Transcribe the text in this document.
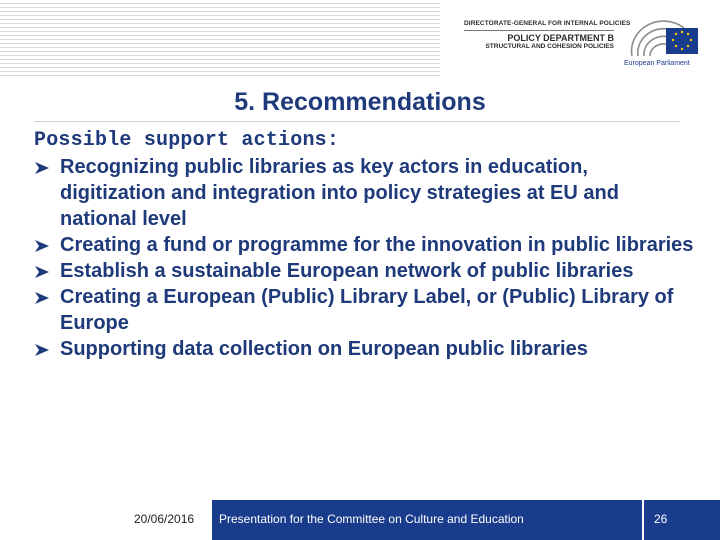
DIRECTORATE-GENERAL FOR INTERNAL POLICIES
POLICY DEPARTMENT B
STRUCTURAL AND COHESION POLICIES
European Parliament
5. Recommendations
Possible support actions:
Recognizing public libraries as key actors in education, digitization and integration into policy strategies at EU and national level
Creating a fund or programme for the innovation in public libraries
Establish a sustainable European network of public libraries
Creating a European (Public) Library Label, or (Public) Library of Europe
Supporting data collection on European public libraries
20/06/2016 Presentation for the Committee on Culture and Education	26
